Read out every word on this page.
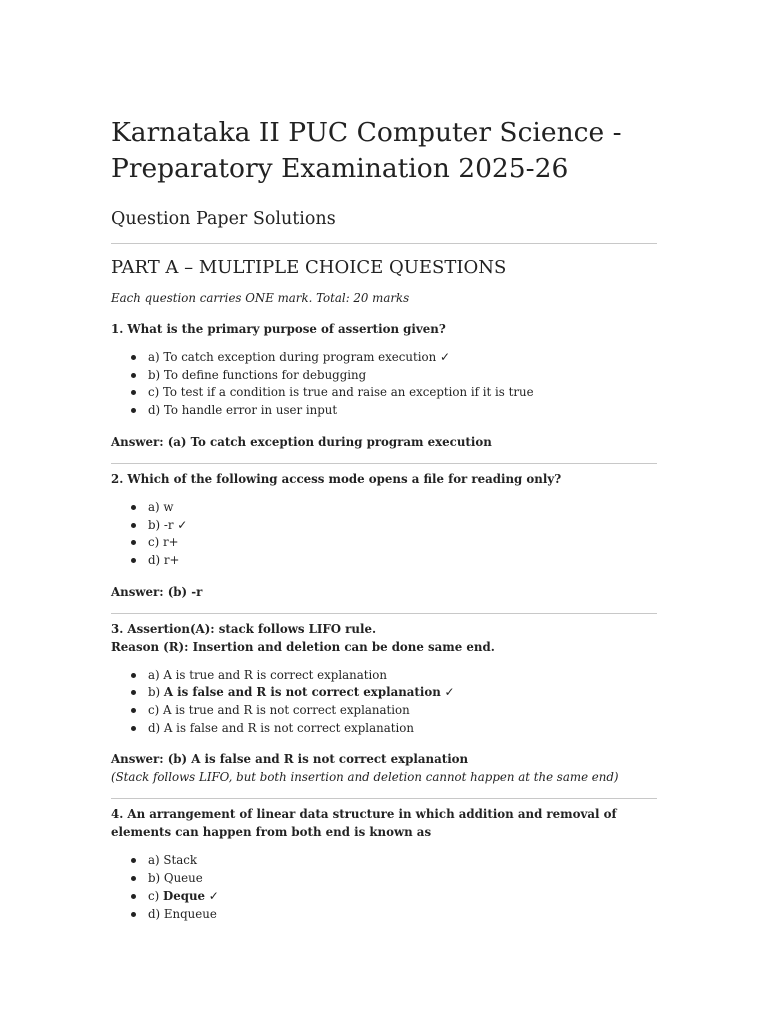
Karnataka II PUC Computer Science - Preparatory Examination 2025-26
Question Paper Solutions
PART A – MULTIPLE CHOICE QUESTIONS

Each question carries ONE mark. Total: 20 marks

1. What is the primary purpose of assertion given?

a) To catch exception during program execution ✓
b) To define functions for debugging
c) To test if a condition is true and raise an exception if it is true
d) To handle error in user input

Answer: (a) To catch exception during program execution

2. Which of the following access mode opens a file for reading only?

a) w
b) -r ✓
c) r+
d) r+

Answer: (b) -r

3. Assertion(A): stack follows LIFO rule.

Reason (R): Insertion and deletion can be done same end.

a) A is true and R is correct explanation
b) A is false and R is not correct explanation ✓
c) A is true and R is not correct explanation
d) A is false and R is not correct explanation

Answer: (b) A is false and R is not correct explanation

(Stack follows LIFO, but both insertion and deletion cannot happen at the same end)

4. An arrangement of linear data structure in which addition and removal of elements can happen from both end is known as

a) Stack
b) Queue
c) Deque ✓
d) Enqueue
